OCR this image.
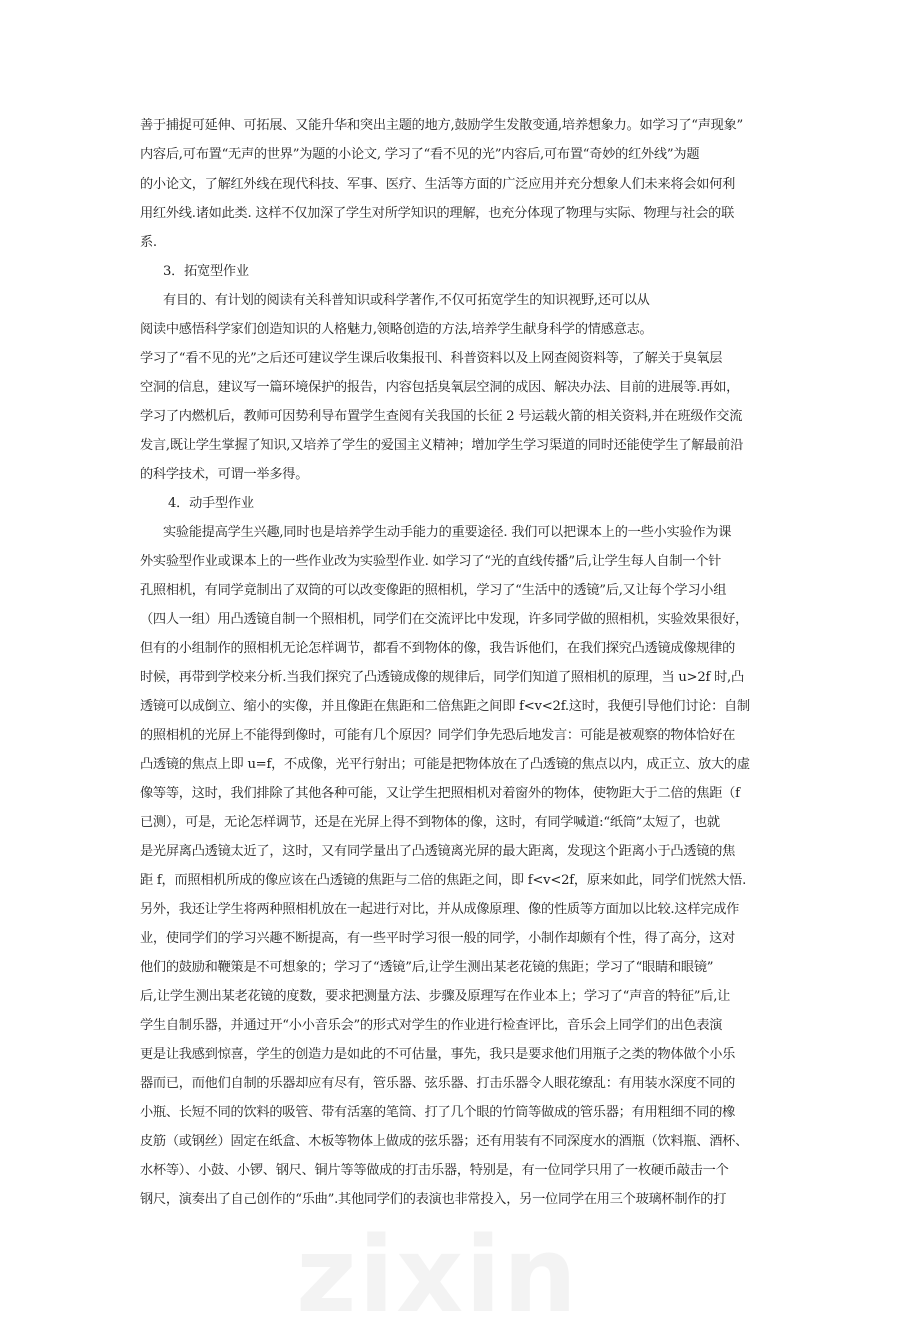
善于捕捉可延伸、可拓展、又能升华和突出主题的地方,鼓励学生发散变通,培养想象力。如学习了“声现象”
内容后,可布置“无声的世界”为题的小论文, 学习了“看不见的光”内容后,可布置“奇妙的红外线”为题
的小论文，了解红外线在现代科技、军事、医疗、生活等方面的广泛应用并充分想象人们未来将会如何利
用红外线.诸如此类. 这样不仅加深了学生对所学知识的理解，也充分体现了物理与实际、物理与社会的联
系.
3．拓宽型作业
有目的、有计划的阅读有关科普知识或科学著作,不仅可拓宽学生的知识视野,还可以从
阅读中感悟科学家们创造知识的人格魅力,领略创造的方法,培养学生献身科学的情感意志。
学习了“看不见的光”之后还可建议学生课后收集报刊、科普资料以及上网查阅资料等，了解关于臭氧层
空洞的信息，建议写一篇环境保护的报告，内容包括臭氧层空洞的成因、解决办法、目前的进展等.再如，
学习了内燃机后，教师可因势利导布置学生查阅有关我国的长征 2 号运载火箭的相关资料,并在班级作交流
发言,既让学生掌握了知识,又培养了学生的爱国主义精神；增加学生学习渠道的同时还能使学生了解最前沿
的科学技术，可谓一举多得。
4．动手型作业
实验能提高学生兴趣,同时也是培养学生动手能力的重要途径. 我们可以把课本上的一些小实验作为课
外实验型作业或课本上的一些作业改为实验型作业. 如学习了“光的直线传播”后,让学生每人自制一个针
孔照相机，有同学竟制出了双筒的可以改变像距的照相机，学习了“生活中的透镜”后,又让每个学习小组
（四人一组）用凸透镜自制一个照相机，同学们在交流评比中发现，许多同学做的照相机，实验效果很好，
但有的小组制作的照相机无论怎样调节，都看不到物体的像，我告诉他们，在我们探究凸透镜成像规律的
时候，再带到学校来分析.当我们探究了凸透镜成像的规律后，同学们知道了照相机的原理，当 u>2f 时,凸
透镜可以成倒立、缩小的实像，并且像距在焦距和二倍焦距之间即 f<v<2f.这时，我便引导他们讨论：自制
的照相机的光屏上不能得到像时，可能有几个原因？同学们争先恐后地发言：可能是被观察的物体恰好在
凸透镜的焦点上即 u=f，不成像，光平行射出；可能是把物体放在了凸透镜的焦点以内，成正立、放大的虚
像等等，这时，我们排除了其他各种可能，又让学生把照相机对着窗外的物体，使物距大于二倍的焦距（f
已测），可是，无论怎样调节，还是在光屏上得不到物体的像，这时，有同学喊道:“纸筒”太短了，也就
是光屏离凸透镜太近了，这时，又有同学量出了凸透镜离光屏的最大距离，发现这个距离小于凸透镜的焦
距 f，而照相机所成的像应该在凸透镜的焦距与二倍的焦距之间，即 f<v<2f，原来如此，同学们恍然大悟.
另外，我还让学生将两种照相机放在一起进行对比，并从成像原理、像的性质等方面加以比较.这样完成作
业，使同学们的学习兴趣不断提高，有一些平时学习很一般的同学，小制作却颇有个性，得了高分，这对
他们的鼓励和鞭策是不可想象的；学习了“透镜”后,让学生测出某老花镜的焦距；学习了“眼睛和眼镜”
后,让学生测出某老花镜的度数，要求把测量方法、步骤及原理写在作业本上；学习了“声音的特征”后,让
学生自制乐器，并通过开“小小音乐会”的形式对学生的作业进行检查评比，音乐会上同学们的出色表演
更是让我感到惊喜，学生的创造力是如此的不可估量，事先，我只是要求他们用瓶子之类的物体做个小乐
器而已，而他们自制的乐器却应有尽有，管乐器、弦乐器、打击乐器令人眼花缭乱：有用装水深度不同的
小瓶、长短不同的饮料的吸管、带有活塞的笔筒、打了几个眼的竹筒等做成的管乐器；有用粗细不同的橡
皮筋（或钢丝）固定在纸盒、木板等物体上做成的弦乐器；还有用装有不同深度水的酒瓶（饮料瓶、酒杯、
水杯等）、小鼓、小锣、钢尺、铜片等等做成的打击乐器，特别是，有一位同学只用了一枚硬币敲击一个
钢尺，演奏出了自己创作的“乐曲”.其他同学们的表演也非常投入，另一位同学在用三个玻璃杯制作的打
zixin
